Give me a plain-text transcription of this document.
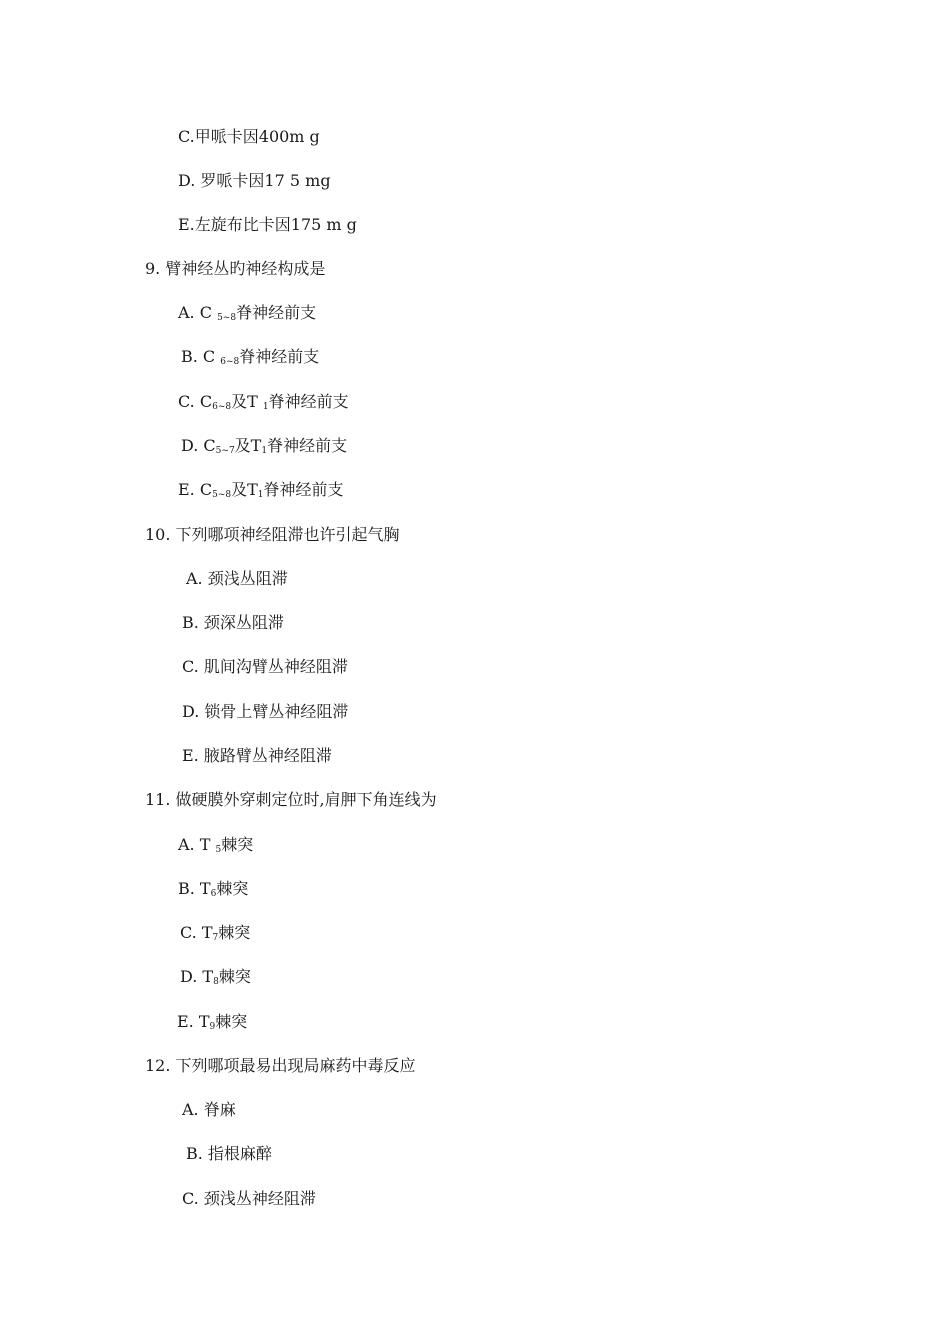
C.甲哌卡因400m g
D. 罗哌卡因17 5 mg
E.左旋布比卡因175 m g
9. 臂神经丛旳神经构成是
A. C $_{5\sim 8}$脊神经前支
B. C $_{6\sim 8}$脊神经前支
C. $C_{6\sim 8}$及T $_1$脊神经前支
D. $C_{5\sim 7}$及$T_1$脊神经前支
E. $C_{5\sim 8}$及$T_1$脊神经前支
10. 下列哪项神经阻滞也许引起气胸
A. 颈浅丛阻滞
B. 颈深丛阻滞
C. 肌间沟臂丛神经阻滞
D. 锁骨上臂丛神经阻滞
E. 腋路臂丛神经阻滞
11. 做硬膜外穿刺定位时,肩胛下角连线为
A. T $_5$棘突
B. $T_6$棘突
C. $T_7$棘突
D. $T_8$棘突
E. $T_9$棘突
12. 下列哪项最易出现局麻药中毒反应
A. 脊麻
B. 指根麻醉
C. 颈浅丛神经阻滞
